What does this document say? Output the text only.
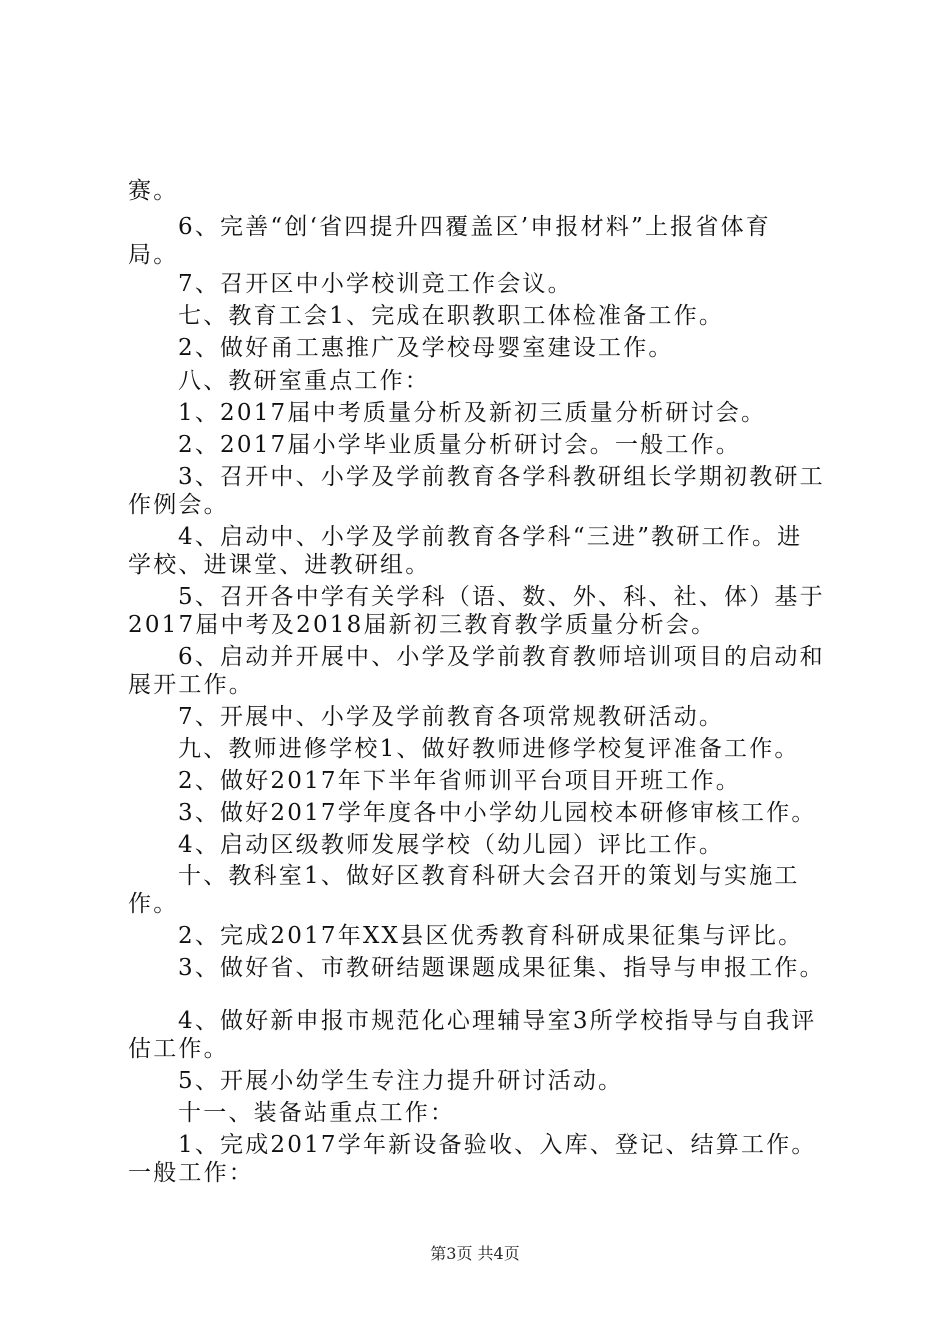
赛。
6、完善“创‘省四提升四覆盖区’申报材料”上报省体育
局。
7、召开区中小学校训竞工作会议。
七、教育工会1、完成在职教职工体检准备工作。
2、做好甬工惠推广及学校母婴室建设工作。
八、教研室重点工作：
1、2017届中考质量分析及新初三质量分析研讨会。
2、2017届小学毕业质量分析研讨会。一般工作。
3、召开中、小学及学前教育各学科教研组长学期初教研工
作例会。
4、启动中、小学及学前教育各学科“三进”教研工作。进
学校、进课堂、进教研组。
5、召开各中学有关学科（语、数、外、科、社、体）基于
2017届中考及2018届新初三教育教学质量分析会。
6、启动并开展中、小学及学前教育教师培训项目的启动和
展开工作。
7、开展中、小学及学前教育各项常规教研活动。
九、教师进修学校1、做好教师进修学校复评准备工作。
2、做好2017年下半年省师训平台项目开班工作。
3、做好2017学年度各中小学幼儿园校本研修审核工作。
4、启动区级教师发展学校（幼儿园）评比工作。
十、教科室1、做好区教育科研大会召开的策划与实施工
作。
2、完成2017年XX县区优秀教育科研成果征集与评比。
3、做好省、市教研结题课题成果征集、指导与申报工作。
4、做好新申报市规范化心理辅导室3所学校指导与自我评
估工作。
5、开展小幼学生专注力提升研讨活动。
十一、装备站重点工作：
1、完成2017学年新设备验收、入库、登记、结算工作。
一般工作：
第3页 共4页
